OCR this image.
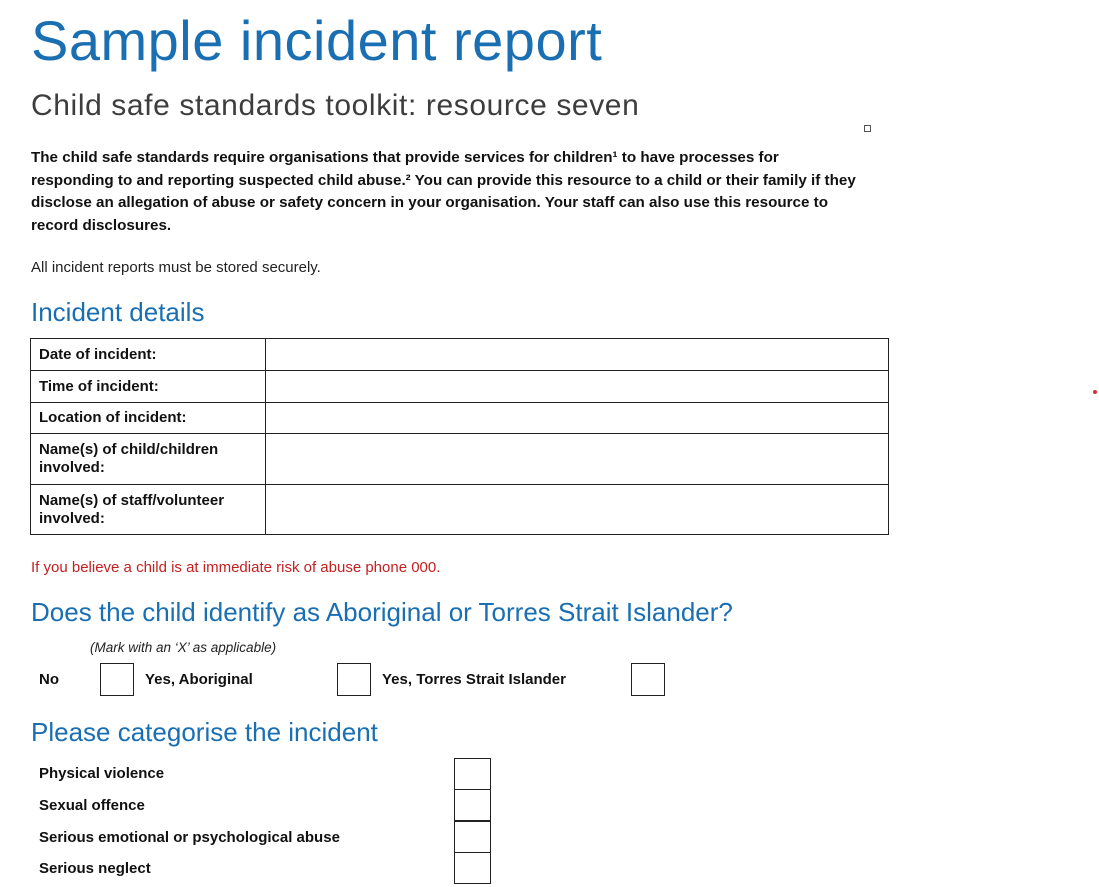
Sample incident report
Child safe standards toolkit: resource seven
The child safe standards require organisations that provide services for children¹ to have processes for responding to and reporting suspected child abuse.² You can provide this resource to a child or their family if they disclose an allegation of abuse or safety concern in your organisation. Your staff can also use this resource to record disclosures.
All incident reports must be stored securely.
Incident details
Date of incident:	
Time of incident:	
Location of incident:	
Name(s) of child/children involved:	
Name(s) of staff/volunteer involved:	
If you believe a child is at immediate risk of abuse phone 000.
Does the child identify as Aboriginal or Torres Strait Islander?
(Mark with an ‘X’ as applicable)
No	Yes, Aboriginal	Yes, Torres Strait Islander
Please categorise the incident
Physical violence
Sexual offence
Serious emotional or psychological abuse
Serious neglect
